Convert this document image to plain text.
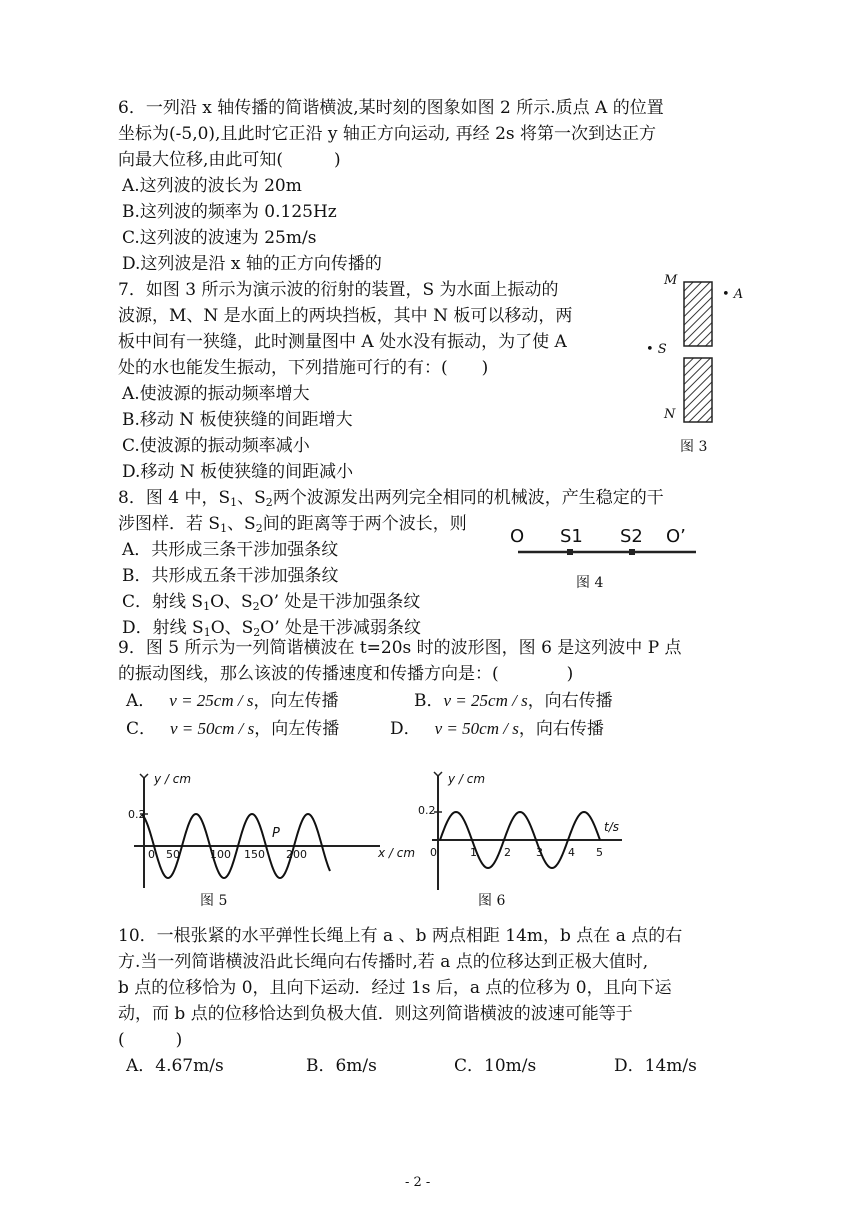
6．一列沿 x 轴传播的简谐横波,某时刻的图象如图 2 所示.质点 A 的位置
坐标为(-5,0),且此时它正沿 y 轴正方向运动, 再经 2s 将第一次到达正方
向最大位移,由此可知(　　　)
A.这列波的波长为 20m
B.这列波的频率为 0.125Hz
C.这列波的波速为 25m/s
D.这列波是沿 x 轴的正方向传播的
7．如图 3 所示为演示波的衍射的装置，S 为水面上振动的
波源，M、N 是水面上的两块挡板，其中 N 板可以移动，两
板中间有一狭缝，此时测量图中 A 处水没有振动，为了使 A
处的水也能发生振动，下列措施可行的有：(　　)
A.使波源的振动频率增大
B.移动 N 板使狭缝的间距增大
C.使波源的振动频率减小
D.移动 N 板使狭缝的间距减小
M
N
• A
• S
图 3
8．图 4 中，$S_1$、$S_2$两个波源发出两列完全相同的机械波，产生稳定的干
涉图样．若 $S_1$、$S_2$间的距离等于两个波长，则
A．共形成三条干涉加强条纹
B．共形成五条干涉加强条纹
C．射线 $S_1O$、$S_2O$’ 处是干涉加强条纹
D．射线 $S_1O$、$S_2O$’ 处是干涉减弱条纹
O S1 S2 O’
图 4
9．图 5 所示为一列简谐横波在 t=20s 时的波形图，图 6 是这列波中 P 点
的振动图线，那么该波的传播速度和传播方向是：(　　　　)
A． v = 25cm / s，向左传播	B．v = 25cm / s，向右传播
C． v = 50cm / s，向左传播	D． v = 50cm / s，向右传播
y / cm
0.2
x / cm
0 50	100 150 200
P
图 5
y / cm
0.2
t/s
0	1 2 3 4 5
图 6
10．一根张紧的水平弹性长绳上有 a 、b 两点相距 14m，b 点在 a 点的右
方.当一列简谐横波沿此长绳向右传播时,若 a 点的位移达到正极大值时,
b 点的位移恰为 0，且向下运动．经过 1s 后，a 点的位移为 0，且向下运
动，而 b 点的位移恰达到负极大值．则这列简谐横波的波速可能等于
(　　　)
A．4.67m/s	B．6m/s	C．10m/s	D．14m/s
- 2 -
